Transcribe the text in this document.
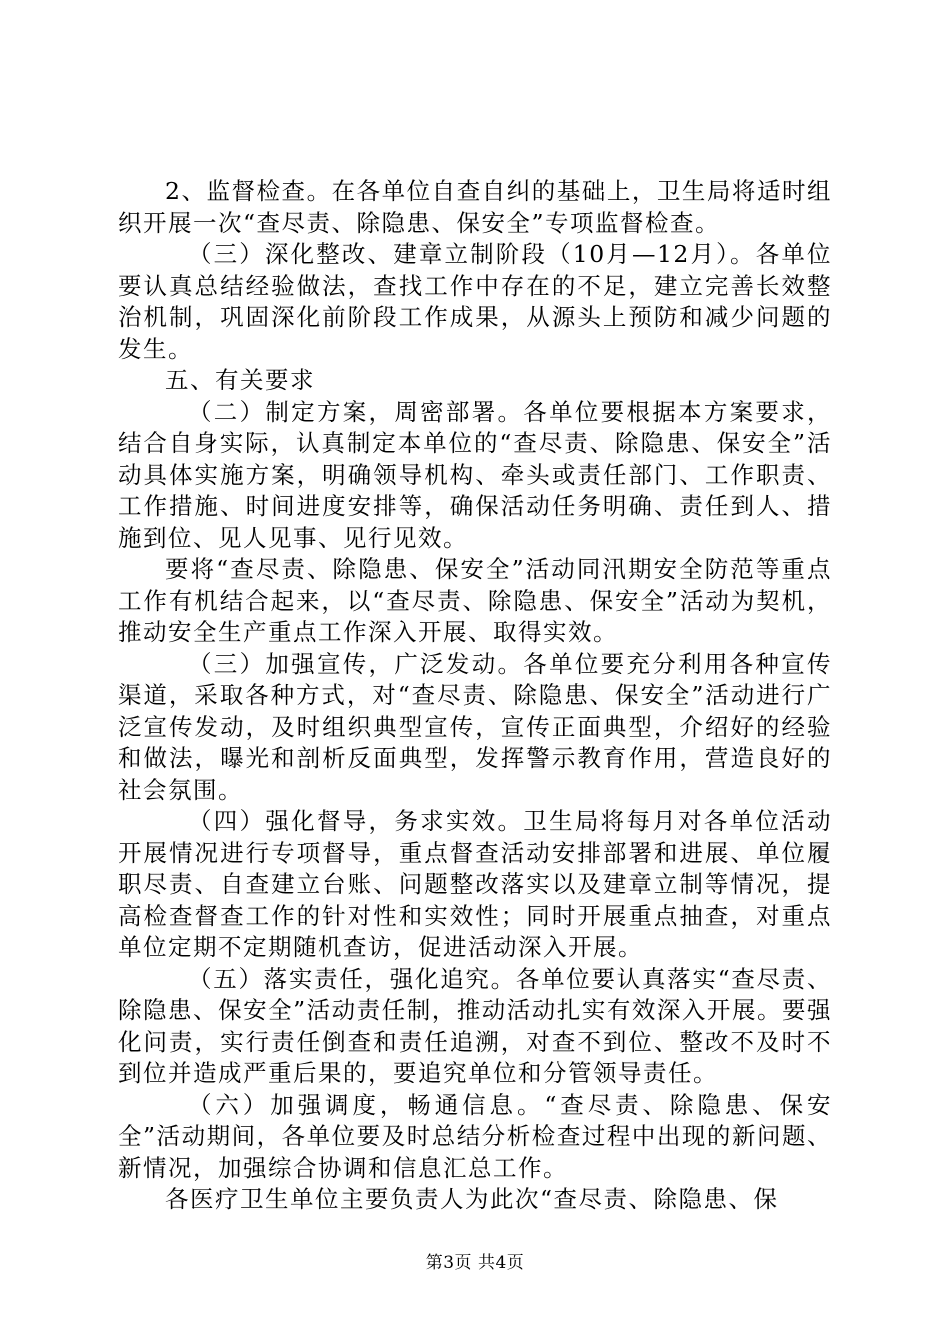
2、监督检查。在各单位自查自纠的基础上，卫生局将适时组织开展一次“查尽责、除隐患、保安全”专项监督检查。

（三）深化整改、建章立制阶段（10月—12月）。各单位要认真总结经验做法，查找工作中存在的不足，建立完善长效整治机制，巩固深化前阶段工作成果，从源头上预防和减少问题的发生。

五、有关要求

（二）制定方案，周密部署。各单位要根据本方案要求，结合自身实际，认真制定本单位的“查尽责、除隐患、保安全”活动具体实施方案，明确领导机构、牵头或责任部门、工作职责、工作措施、时间进度安排等，确保活动任务明确、责任到人、措施到位、见人见事、见行见效。

要将“查尽责、除隐患、保安全”活动同汛期安全防范等重点工作有机结合起来，以“查尽责、除隐患、保安全”活动为契机，推动安全生产重点工作深入开展、取得实效。

（三）加强宣传，广泛发动。各单位要充分利用各种宣传渠道，采取各种方式，对“查尽责、除隐患、保安全”活动进行广泛宣传发动，及时组织典型宣传，宣传正面典型，介绍好的经验和做法，曝光和剖析反面典型，发挥警示教育作用，营造良好的社会氛围。

（四）强化督导，务求实效。卫生局将每月对各单位活动开展情况进行专项督导，重点督查活动安排部署和进展、单位履职尽责、自查建立台账、问题整改落实以及建章立制等情况，提高检查督查工作的针对性和实效性；同时开展重点抽查，对重点单位定期不定期随机查访，促进活动深入开展。

（五）落实责任，强化追究。各单位要认真落实“查尽责、除隐患、保安全”活动责任制，推动活动扎实有效深入开展。要强化问责，实行责任倒查和责任追溯，对查不到位、整改不及时不到位并造成严重后果的，要追究单位和分管领导责任。

（六）加强调度，畅通信息。“查尽责、除隐患、保安全”活动期间，各单位要及时总结分析检查过程中出现的新问题、新情况，加强综合协调和信息汇总工作。

各医疗卫生单位主要负责人为此次“查尽责、除隐患、保

第3页 共4页
